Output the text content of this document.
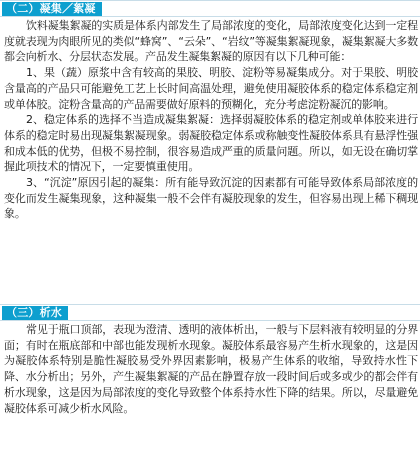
（二）凝集／絮凝

饮料凝集絮凝的实质是体系内部发生了局部浓度的变化，局部浓度变化达到一定程度就表现为肉眼所见的类似“蜂窝”、“云朵”、“岩纹”等凝集絮凝现象，凝集絮凝大多数都会向析水、分层状态发展。产品发生凝集絮凝的原因有以下几种可能：

1、果（蔬）原浆中含有较高的果胶、明胶、淀粉等易凝集成分。对于果胶、明胶含量高的产品只可能避免工艺上长时间高温处理，避免使用凝胶体系的稳定体系稳定剂或单体胶。淀粉含量高的产品需要做好原料的预糊化，充分考虑淀粉凝沉的影响。

2、稳定体系的选择不当造成凝集絮凝：选择弱凝胶体系的稳定剂或单体胶来进行体系的稳定时易出现凝集絮凝现象。弱凝胶稳定体系或称触变性凝胶体系具有悬浮性强和成本低的优势，但极不易控制，很容易造成严重的质量问题。所以，如无设在确切掌握此项技术的情况下，一定要慎重使用。

3、“沉淀”原因引起的凝集：所有能导致沉淀的因素都有可能导致体系局部浓度的变化而发生凝集现象，这种凝集一般不会伴有凝胶现象的发生，但容易出现上稀下稠现象。

（三）析水

常见于瓶口顶部，表现为澄清、透明的液体析出，一般与下层料液有较明显的分界面；有时在瓶底部和中部也能发现析水现象。凝胶体系最容易产生析水现象的，这是因为凝胶体系特别是脆性凝胶易受外界因素影响，极易产生体系的收缩，导致持水性下降、水分析出；另外，产生凝集絮凝的产品在静置存放一段时间后或多或少的都会伴有析水现象，这是因为局部浓度的变化导致整个体系持水性下降的结果。所以，尽量避免凝胶体系可减少析水风险。
